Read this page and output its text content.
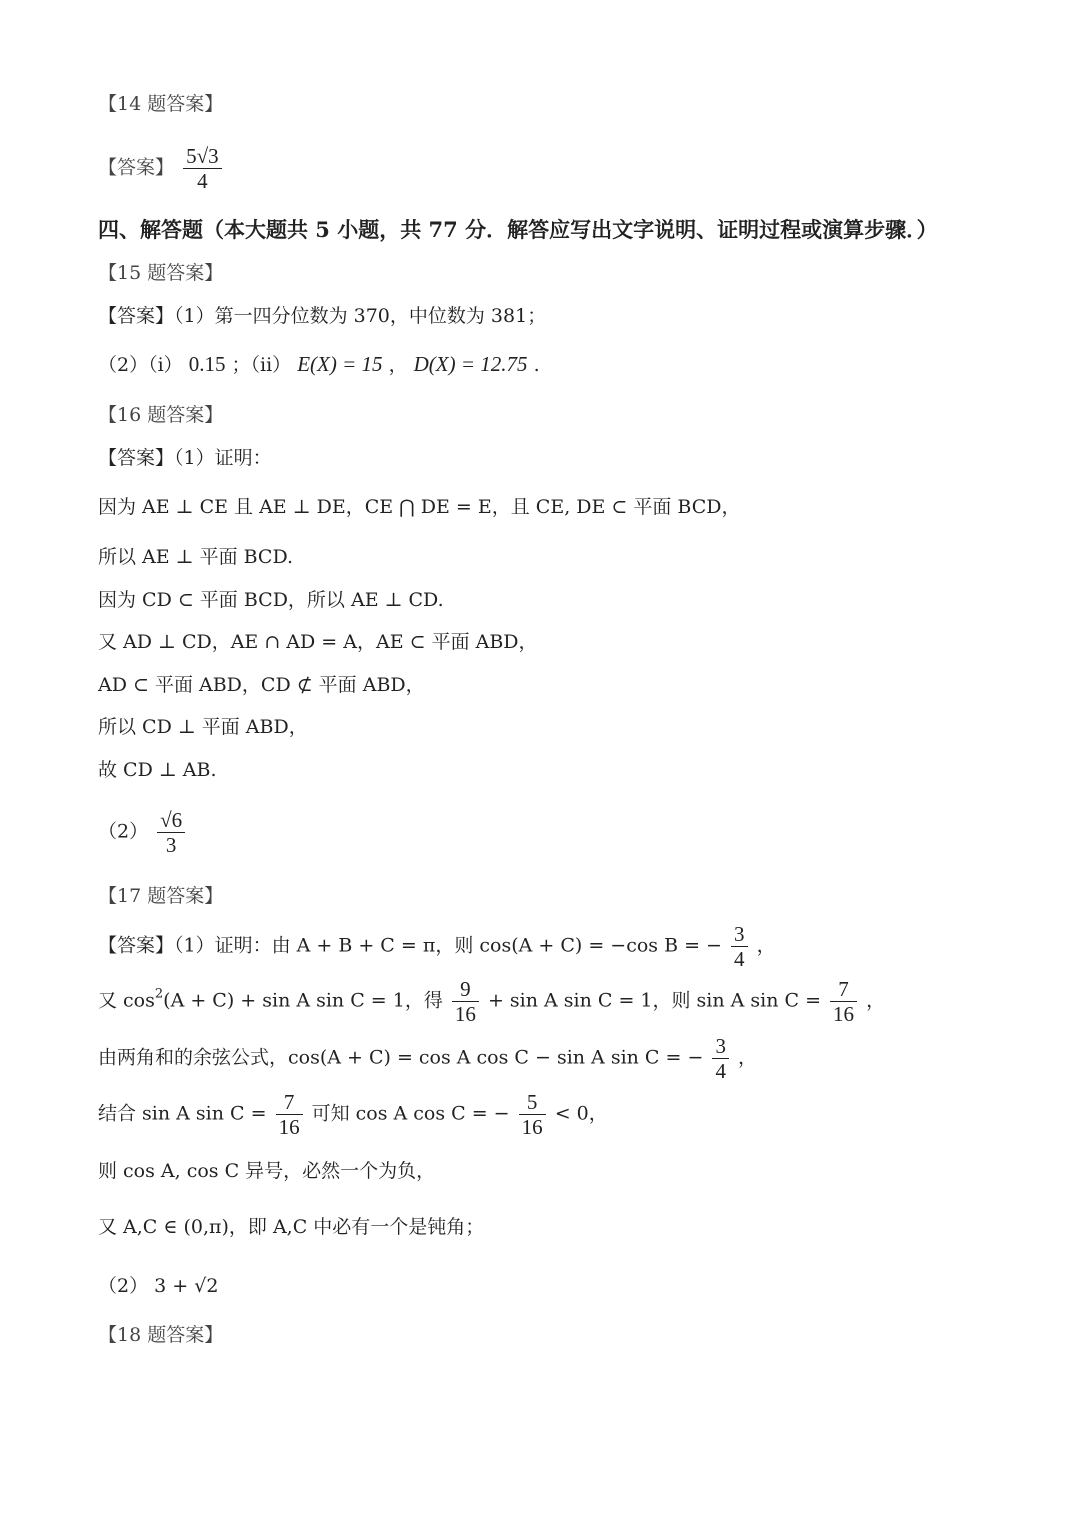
【14 题答案】
【答案】 $\frac{5√3}{4}$
四、解答题（本大题共 5 小题，共 77 分．解答应写出文字说明、证明过程或演算步骤．）
【15 题答案】
【答案】（1）第一四分位数为 370，中位数为 381；
（2）（i） 0.15 ；（ii） E(X) = 15 ， D(X) = 12.75 .
【16 题答案】
【答案】（1）证明：
因为 AE ⊥ CE 且 AE ⊥ DE，CE ⋂ DE = E，且 CE, DE ⊂ 平面 BCD，
所以 AE ⊥ 平面 BCD.
因为 CD ⊂ 平面 BCD，所以 AE ⊥ CD.
又 AD ⊥ CD，AE ∩ AD = A，AE ⊂ 平面 ABD，
AD ⊂ 平面 ABD，CD ⊄ 平面 ABD，
所以 CD ⊥ 平面 ABD，
故 CD ⊥ AB.
$(2) \frac{√6}{3}$
【17 题答案】
【答案】（1）证明：由 A + B + C = π，则 cos(A + C) = −cos B = − $\frac{3}{4}$ ，
又 $\cos^2(A + C) + \sin A$ sin C = 1，得 $\frac{9}{16} + \sin A$ sin C = 1，则 sin A $\sin C = \frac{7}{16}$ ，
由两角和的余弦公式，cos(A + C) = cos A cos C − sin A sin C = − $\frac{3}{4}$ ，
结合 sin A $\sin C = \frac{7}{16}$ 可知 cos A cos C = − $\frac{5}{16} < 0$，
则 cos A, cos C 异号，必然一个为负，
又 A,C ∈ (0,π)，即 A,C 中必有一个是钝角；
（2） 3 + √2
【18 题答案】
